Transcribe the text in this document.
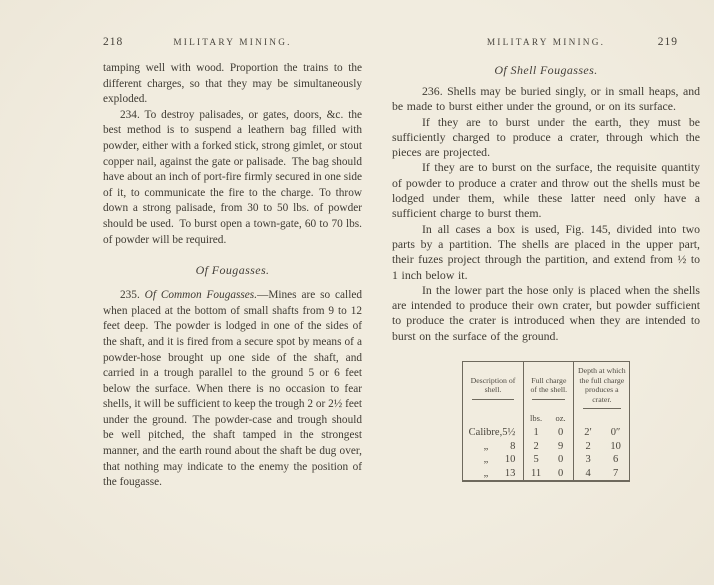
218	MILITARY MINING.

tamping well with wood. Proportion the trains to the different charges, so that they may be simultaneously exploded.

234. To destroy palisades, or gates, doors, &c. the best method is to suspend a leathern bag filled with powder, either with a forked stick, strong gimlet, or stout copper nail, against the gate or palisade. The bag should have about an inch of port-fire firmly secured in one side of it, to communicate the fire to the charge. To throw down a strong palisade, from 30 to 50 lbs. of powder should be used. To burst open a town-gate, 60 to 70 lbs. of powder will be required.

Of Fougasses.

235. Of Common Fougasses.—Mines are so called when placed at the bottom of small shafts from 9 to 12 feet deep. The powder is lodged in one of the sides of the shaft, and it is fired from a secure spot by means of a powder-hose brought up one side of the shaft, and carried in a trough parallel to the ground 5 or 6 feet below the surface. When there is no occasion to fear shells, it will be sufficient to keep the trough 2 or 2½ feet under the ground. The powder-case and trough should be well pitched, the shaft tamped in the strongest manner, and the earth round about the shaft be dug over, that nothing may indicate to the enemy the position of the fougasse.

MILITARY MINING.	219
Of Shell Fougasses.

236. Shells may be buried singly, or in small heaps, and be made to burst either under the ground, or on its surface.

If they are to burst under the earth, they must be sufficiently charged to produce a crater, through which the pieces are projected.

If they are to burst on the surface, the requisite quantity of powder to produce a crater and throw out the shells must be lodged under them, while these latter need only have a sufficient charge to burst them.

In all cases a box is used, Fig. 145, divided into two parts by a partition. The shells are placed in the upper part, their fuzes project through the partition, and extend from ½ to 1 inch below it.

In the lower part the hose only is placed when the shells are intended to produce their own crater, but powder sufficient to produce the crater is introduced when they are intended to burst on the surface of the ground.

Description of shell.	Full charge of the shell.		Depth at which the full charge produces a crater.	

	lbs.	oz.		

Calibre, 5½	1	0	2′	0″

„ 8	2	9	2	10

„ 10	5	0	3	6

„ 13	11	0	4	7
